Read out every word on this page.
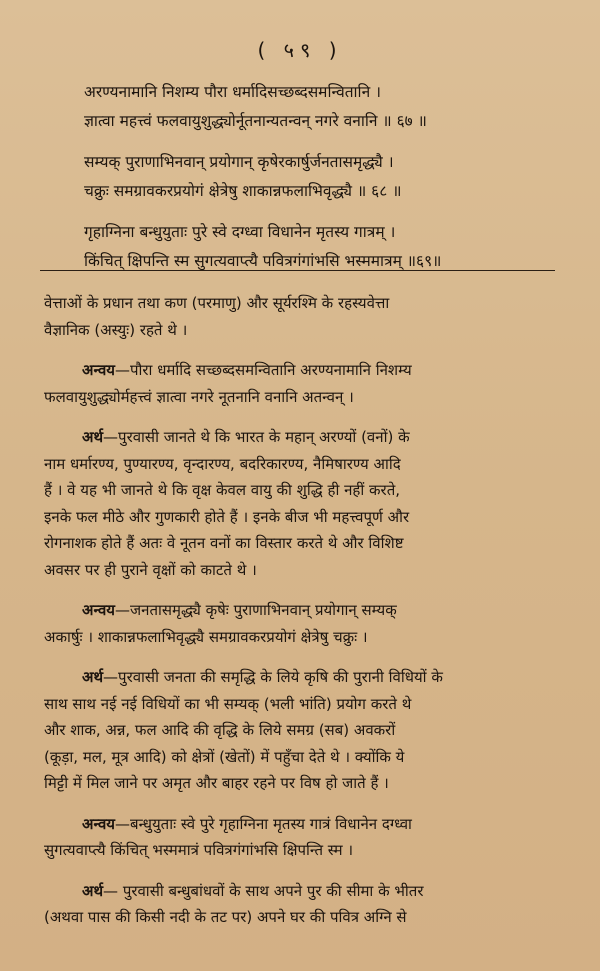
( ५९ )
अरण्यनामानि निशम्य पौरा धर्मादिसच्छब्दसमन्वितानि ।
ज्ञात्वा महत्त्वं फलवायुशुद्ध्योर्नूतनान्यतन्वन् नगरे वनानि ॥ ६७ ॥
सम्यक् पुराणाभिनवान् प्रयोगान् कृषेरकार्षुर्जनतासमृद्ध्यै ।
चक्रुः समग्रावकरप्रयोगं क्षेत्रेषु शाकान्नफलाभिवृद्ध्यै ॥ ६८ ॥
गृहाग्निना बन्धुयुताः पुरे स्वे दग्ध्वा विधानेन मृतस्य गात्रम् ।
किंचित् क्षिपन्ति स्म सुगत्यवाप्त्यै पवित्रगंगांभसि भस्ममात्रम् ॥६९॥
वेत्ताओं के प्रधान तथा कण (परमाणु) और सूर्यरश्मि के रहस्यवेत्ता
वैज्ञानिक (अस्युः) रहते थे ।
अन्वय—पौरा धर्मादि सच्छब्दसमन्वितानि अरण्यनामानि निशम्य
फलवायुशुद्ध्योर्महत्त्वं ज्ञात्वा नगरे नूतनानि वनानि अतन्वन् ।
अर्थ—पुरवासी जानते थे कि भारत के महान् अरण्यों (वनों) के
नाम धर्मारण्य, पुण्यारण्य, वृन्दारण्य, बदरिकारण्य, नैमिषारण्य आदि
हैं । वे यह भी जानते थे कि वृक्ष केवल वायु की शुद्धि ही नहीं करते,
इनके फल मीठे और गुणकारी होते हैं । इनके बीज भी महत्त्वपूर्ण और
रोगनाशक होते हैं अतः वे नूतन वनों का विस्तार करते थे और विशिष्ट
अवसर पर ही पुराने वृक्षों को काटते थे ।
अन्वय—जनतासमृद्ध्यै कृषेः पुराणाभिनवान् प्रयोगान् सम्यक्
अकार्षुः । शाकान्नफलाभिवृद्ध्यै समग्रावकरप्रयोगं क्षेत्रेषु चक्रुः ।
अर्थ—पुरवासी जनता की समृद्धि के लिये कृषि की पुरानी विधियों के
साथ साथ नई नई विधियों का भी सम्यक् (भली भांति) प्रयोग करते थे
और शाक, अन्न, फल आदि की वृद्धि के लिये समग्र (सब) अवकरों
(कूड़ा, मल, मूत्र आदि) को क्षेत्रों (खेतों) में पहुँचा देते थे । क्योंकि ये
मिट्टी में मिल जाने पर अमृत और बाहर रहने पर विष हो जाते हैं ।
अन्वय—बन्धुयुताः स्वे पुरे गृहाग्निना मृतस्य गात्रं विधानेन दग्ध्वा
सुगत्यवाप्त्यै किंचित् भस्ममात्रं पवित्रगंगांभसि क्षिपन्ति स्म ।
अर्थ— पुरवासी बन्धुबांधवों के साथ अपने पुर की सीमा के भीतर
(अथवा पास की किसी नदी के तट पर) अपने घर की पवित्र अग्नि से
